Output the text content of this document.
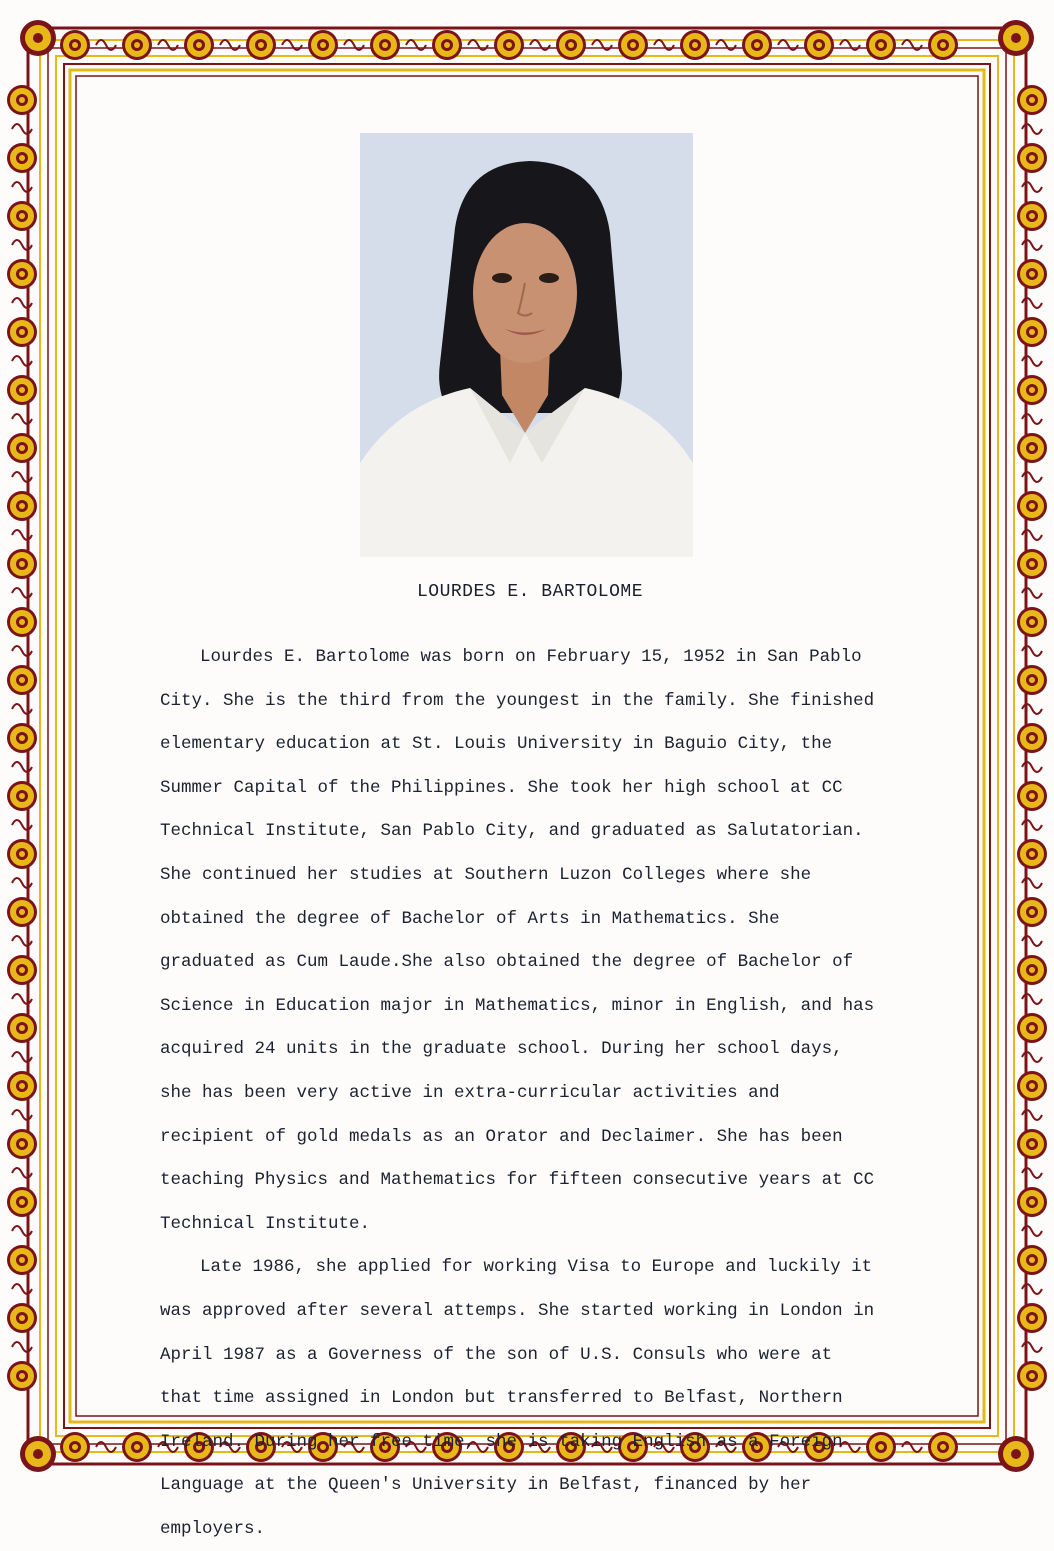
LOURDES E. BARTOLOME

Lourdes E. Bartolome was born on February 15, 1952 in San Pablo City. She is the third from the youngest in the family. She finished elementary education at St. Louis University in Baguio City, the Summer Capital of the Philippines. She took her high school at CC Technical Institute, San Pablo City, and graduated as Salutatorian. She continued her studies at Southern Luzon Colleges where she obtained the degree of Bachelor of Arts in Mathematics. She graduated as Cum Laude.She also obtained the degree of Bachelor of Science in Education major in Mathematics, minor in English, and has acquired 24 units in the graduate school. During her school days, she has been very active in extra-curricular activities and recipient of gold medals as an Orator and Declaimer. She has been teaching Physics and Mathematics for fifteen consecutive years at CC Technical Institute.

Late 1986, she applied for working Visa to Europe and luckily it was approved after several attemps. She started working in London in April 1987 as a Governess of the son of U.S. Consuls who were at that time assigned in London but transferred to Belfast, Northern Ireland. During her free time, she is taking English as a Foreign Language at the Queen's University in Belfast, financed by her employers.
